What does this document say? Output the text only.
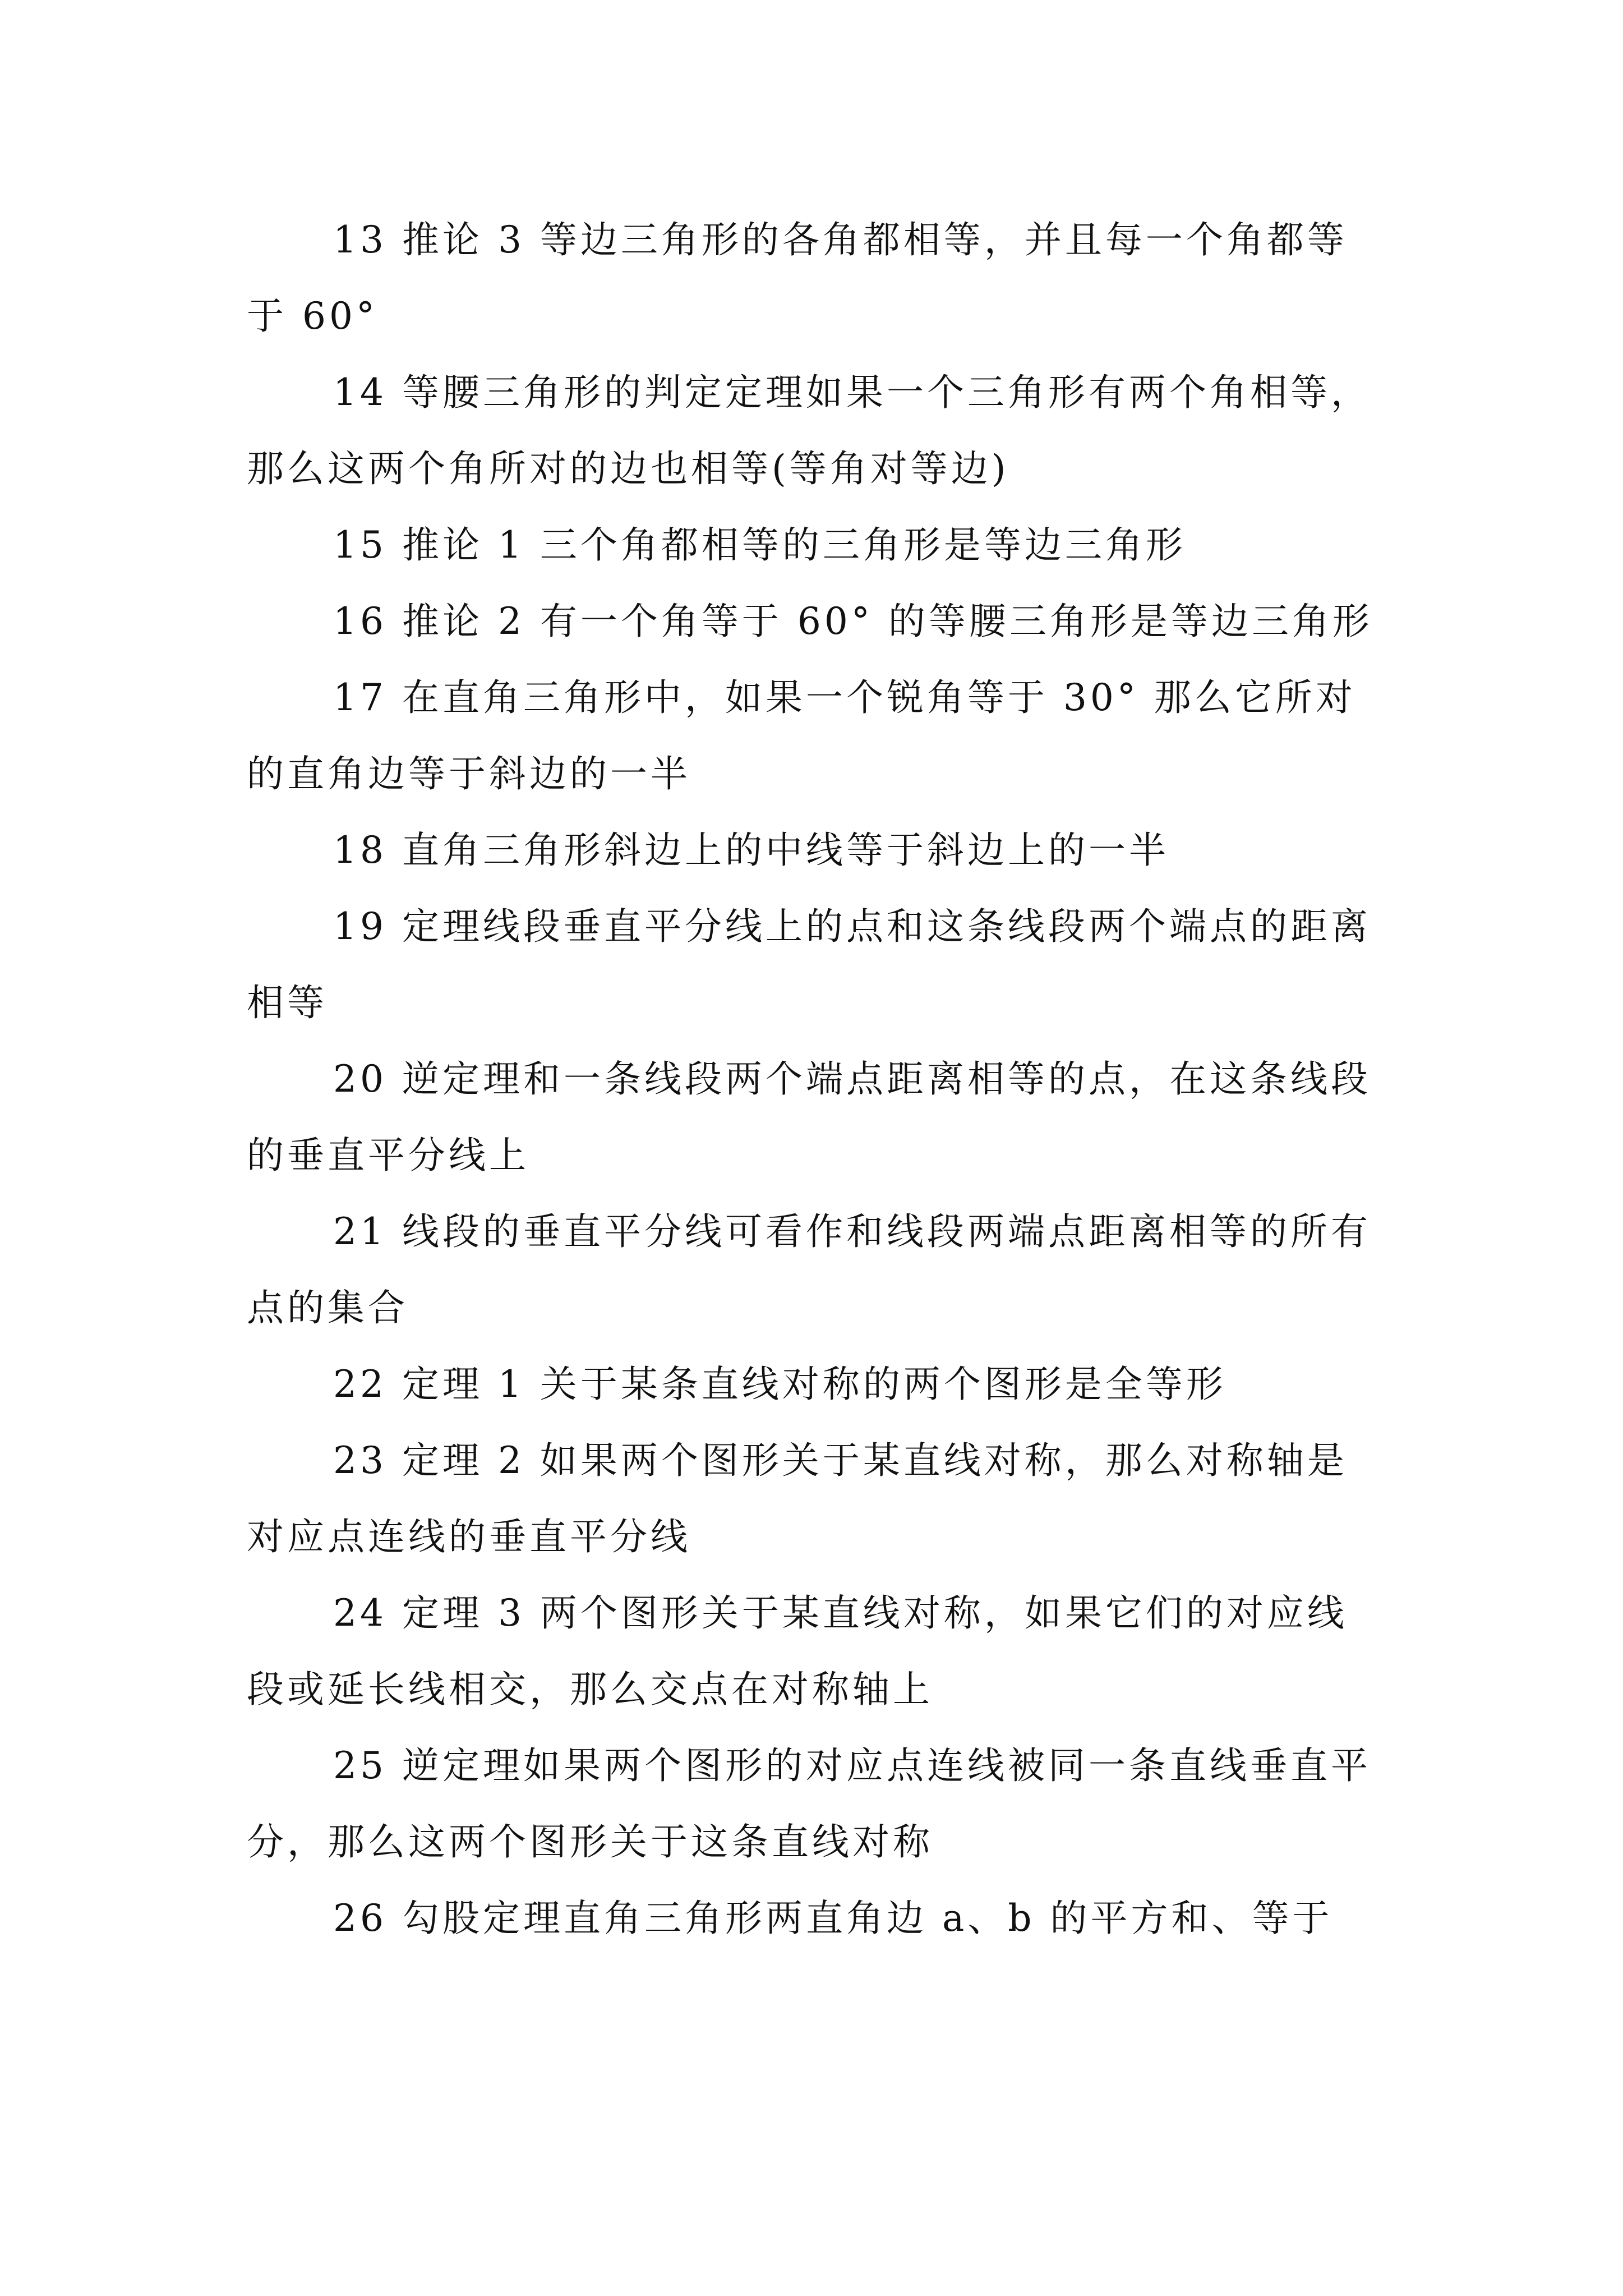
13 推论 3 等边三角形的各角都相等，并且每一个角都等于 60°

14 等腰三角形的判定定理如果一个三角形有两个角相等，那么这两个角所对的边也相等(等角对等边)

15 推论 1 三个角都相等的三角形是等边三角形

16 推论 2 有一个角等于 60° 的等腰三角形是等边三角形

17 在直角三角形中，如果一个锐角等于 30° 那么它所对的直角边等于斜边的一半

18 直角三角形斜边上的中线等于斜边上的一半

19 定理线段垂直平分线上的点和这条线段两个端点的距离相等

20 逆定理和一条线段两个端点距离相等的点，在这条线段的垂直平分线上

21 线段的垂直平分线可看作和线段两端点距离相等的所有点的集合

22 定理 1 关于某条直线对称的两个图形是全等形

23 定理 2 如果两个图形关于某直线对称，那么对称轴是对应点连线的垂直平分线

24 定理 3 两个图形关于某直线对称，如果它们的对应线段或延长线相交，那么交点在对称轴上

25 逆定理如果两个图形的对应点连线被同一条直线垂直平分，那么这两个图形关于这条直线对称

26 勾股定理直角三角形两直角边 a、b 的平方和、等于
